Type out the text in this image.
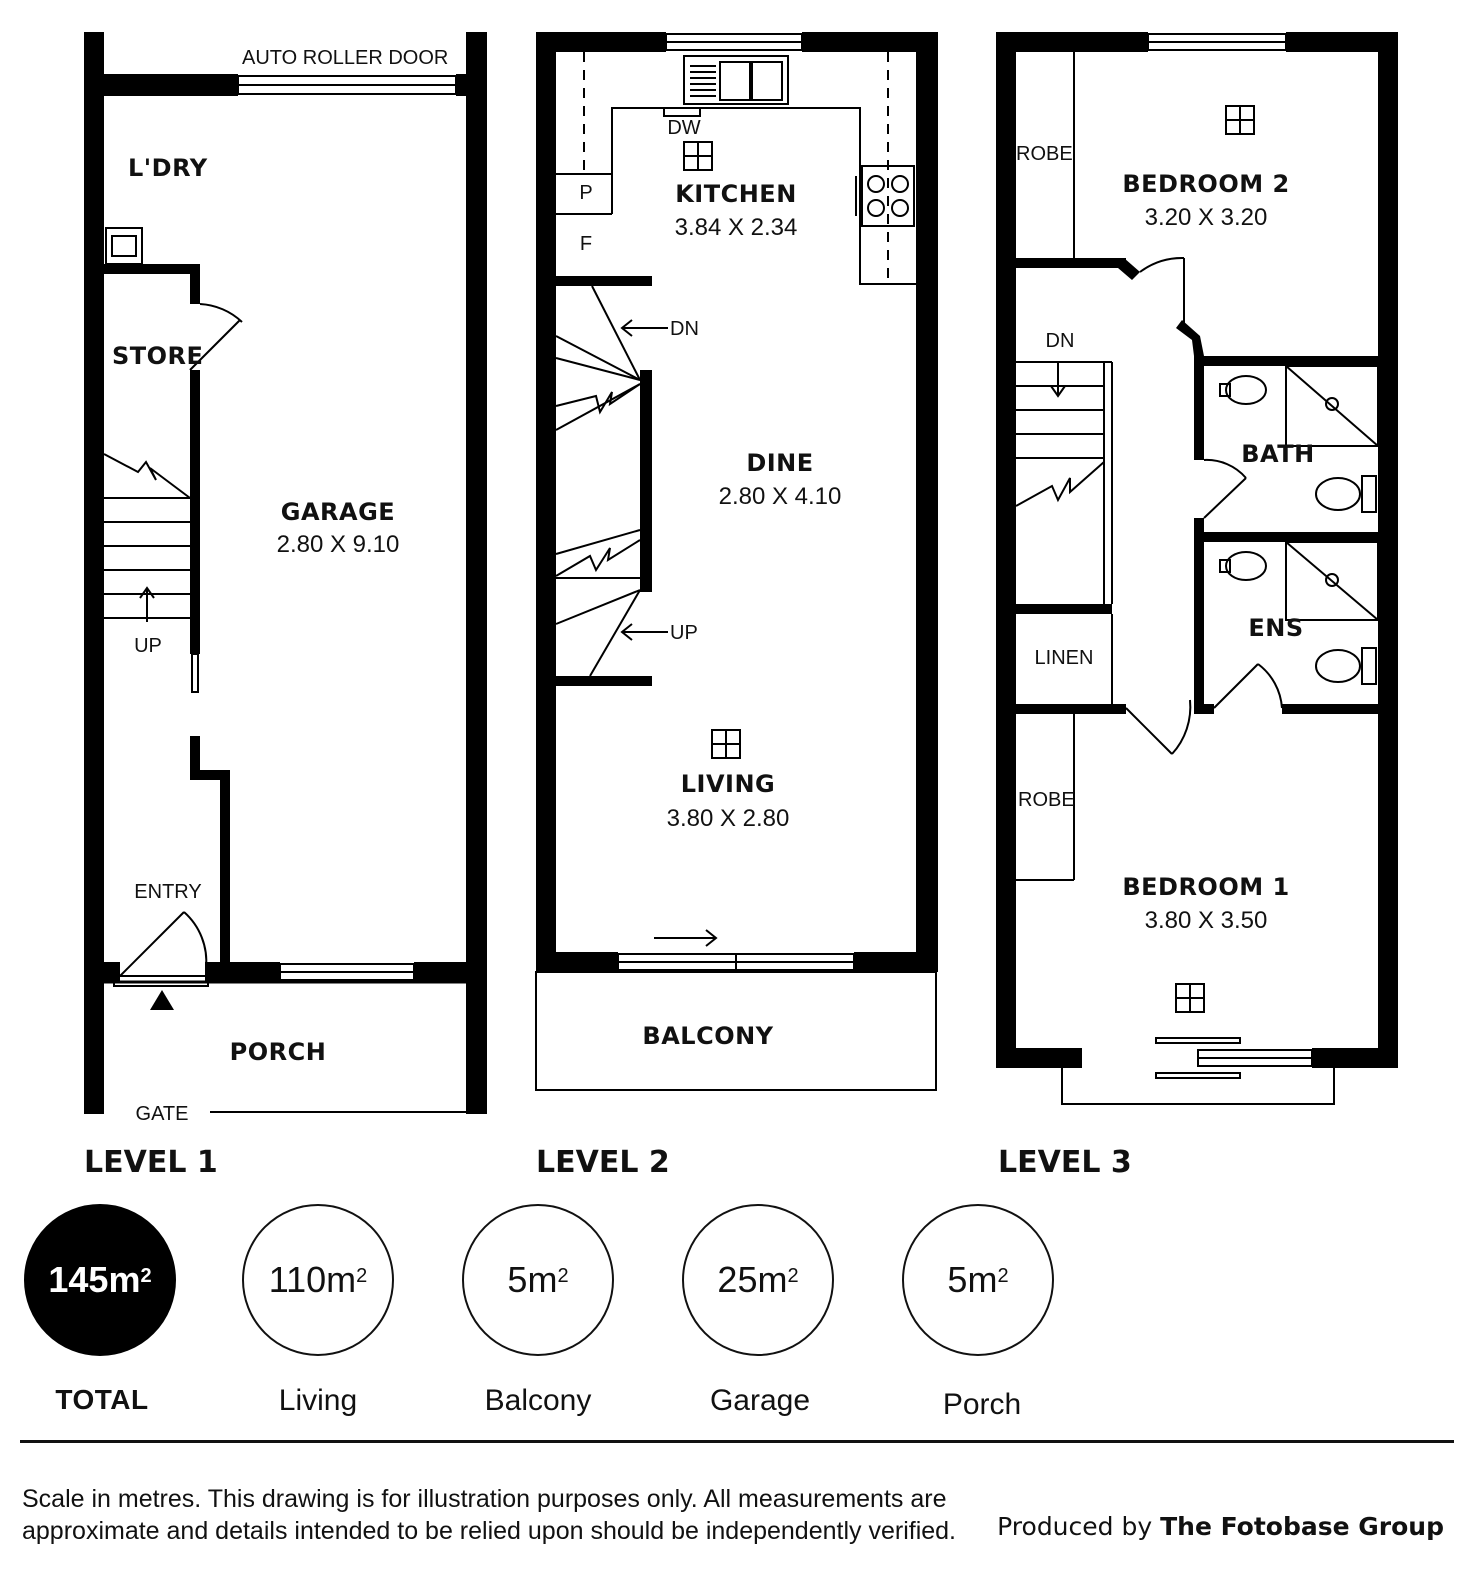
AUTO ROLLER DOOR
L'DRY
STORE
GARAGE
2.80 X 9.10
UP
ENTRY
PORCH
GATE
LEVEL 1
DW
P
F
KITCHEN
3.84 X 2.34
DN
DINE
2.80 X 4.10
UP
LIVING
3.80 X 2.80
BALCONY
LEVEL 2
ROBE
BEDROOM 2
3.20 X 3.20
DN
BATH
ENS
LINEN
ROBE
BEDROOM 1
3.80 X 3.50
LEVEL 3
$145m^2$
TOTAL
$110m^2$
Living
$5m^2$
Balcony
$25m^2$
Garage
$5m^2$
Porch
Scale in metres. This drawing is for illustration purposes only. All measurements are
approximate and details intended to be relied upon should be independently verified.	Produced by The Fotobase Group
